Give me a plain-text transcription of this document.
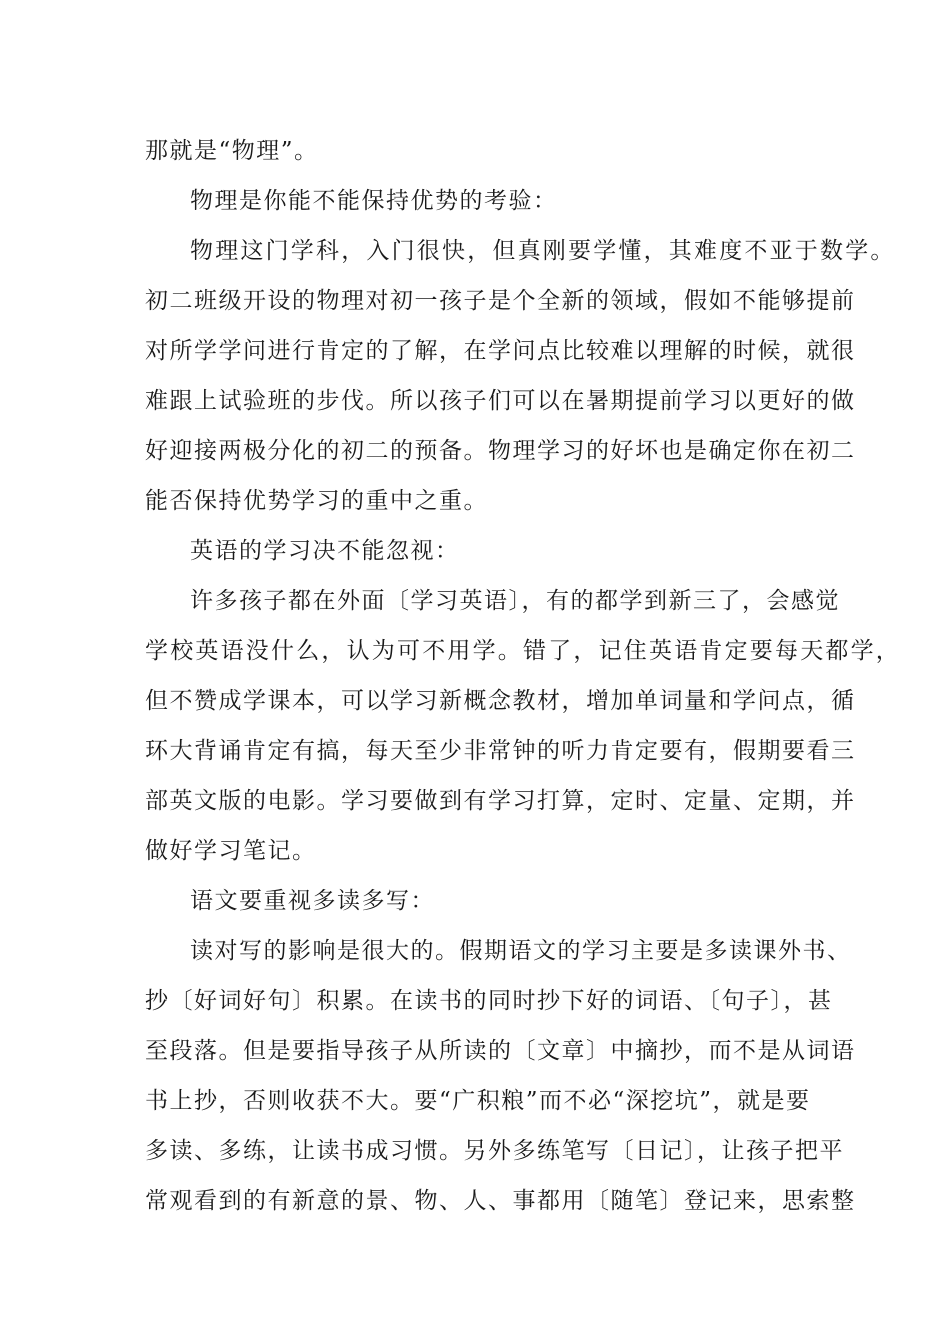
那就是“物理”。
物理是你能不能保持优势的考验：
物理这门学科，入门很快，但真刚要学懂，其难度不亚于数学。
初二班级开设的物理对初一孩子是个全新的领域，假如不能够提前
对所学学问进行肯定的了解，在学问点比较难以理解的时候，就很
难跟上试验班的步伐。所以孩子们可以在暑期提前学习以更好的做
好迎接两极分化的初二的预备。物理学习的好坏也是确定你在初二
能否保持优势学习的重中之重。
英语的学习决不能忽视：
许多孩子都在外面〔学习英语〕，有的都学到新三了，会感觉
学校英语没什么，认为可不用学。错了，记住英语肯定要每天都学，
但不赞成学课本，可以学习新概念教材，增加单词量和学问点，循
环大背诵肯定有搞，每天至少非常钟的听力肯定要有，假期要看三
部英文版的电影。学习要做到有学习打算，定时、定量、定期，并
做好学习笔记。
语文要重视多读多写：
读对写的影响是很大的。假期语文的学习主要是多读课外书、
抄〔好词好句〕积累。在读书的同时抄下好的词语、〔句子〕，甚
至段落。但是要指导孩子从所读的〔文章〕中摘抄，而不是从词语
书上抄，否则收获不大。要“广积粮”而不必“深挖坑”，就是要
多读、多练，让读书成习惯。另外多练笔写〔日记〕，让孩子把平
常观看到的有新意的景、物、人、事都用〔随笔〕登记来，思索整
